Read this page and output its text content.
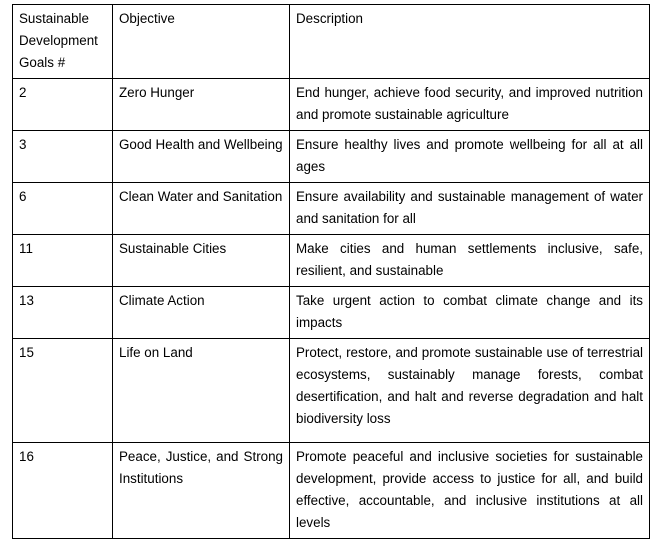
Sustainable Development Goals #	Objective	Description
2	Zero Hunger	End hunger, achieve food security, and improved nutrition and promote sustainable agriculture
3	Good Health and Wellbeing	Ensure healthy lives and promote wellbeing for all at all ages
6	Clean Water and Sanitation	Ensure availability and sustainable management of water and sanitation for all
11	Sustainable Cities	Make cities and human settlements inclusive, safe, resilient, and sustainable
13	Climate Action	Take urgent action to combat climate change and its impacts
15	Life on Land	Protect, restore, and promote sustainable use of terrestrial ecosystems, sustainably manage forests, combat desertification, and halt and reverse degradation and halt biodiversity loss
16	Peace, Justice, and Strong Institutions	Promote peaceful and inclusive societies for sustainable development, provide access to justice for all, and build effective, accountable, and inclusive institutions at all levels
